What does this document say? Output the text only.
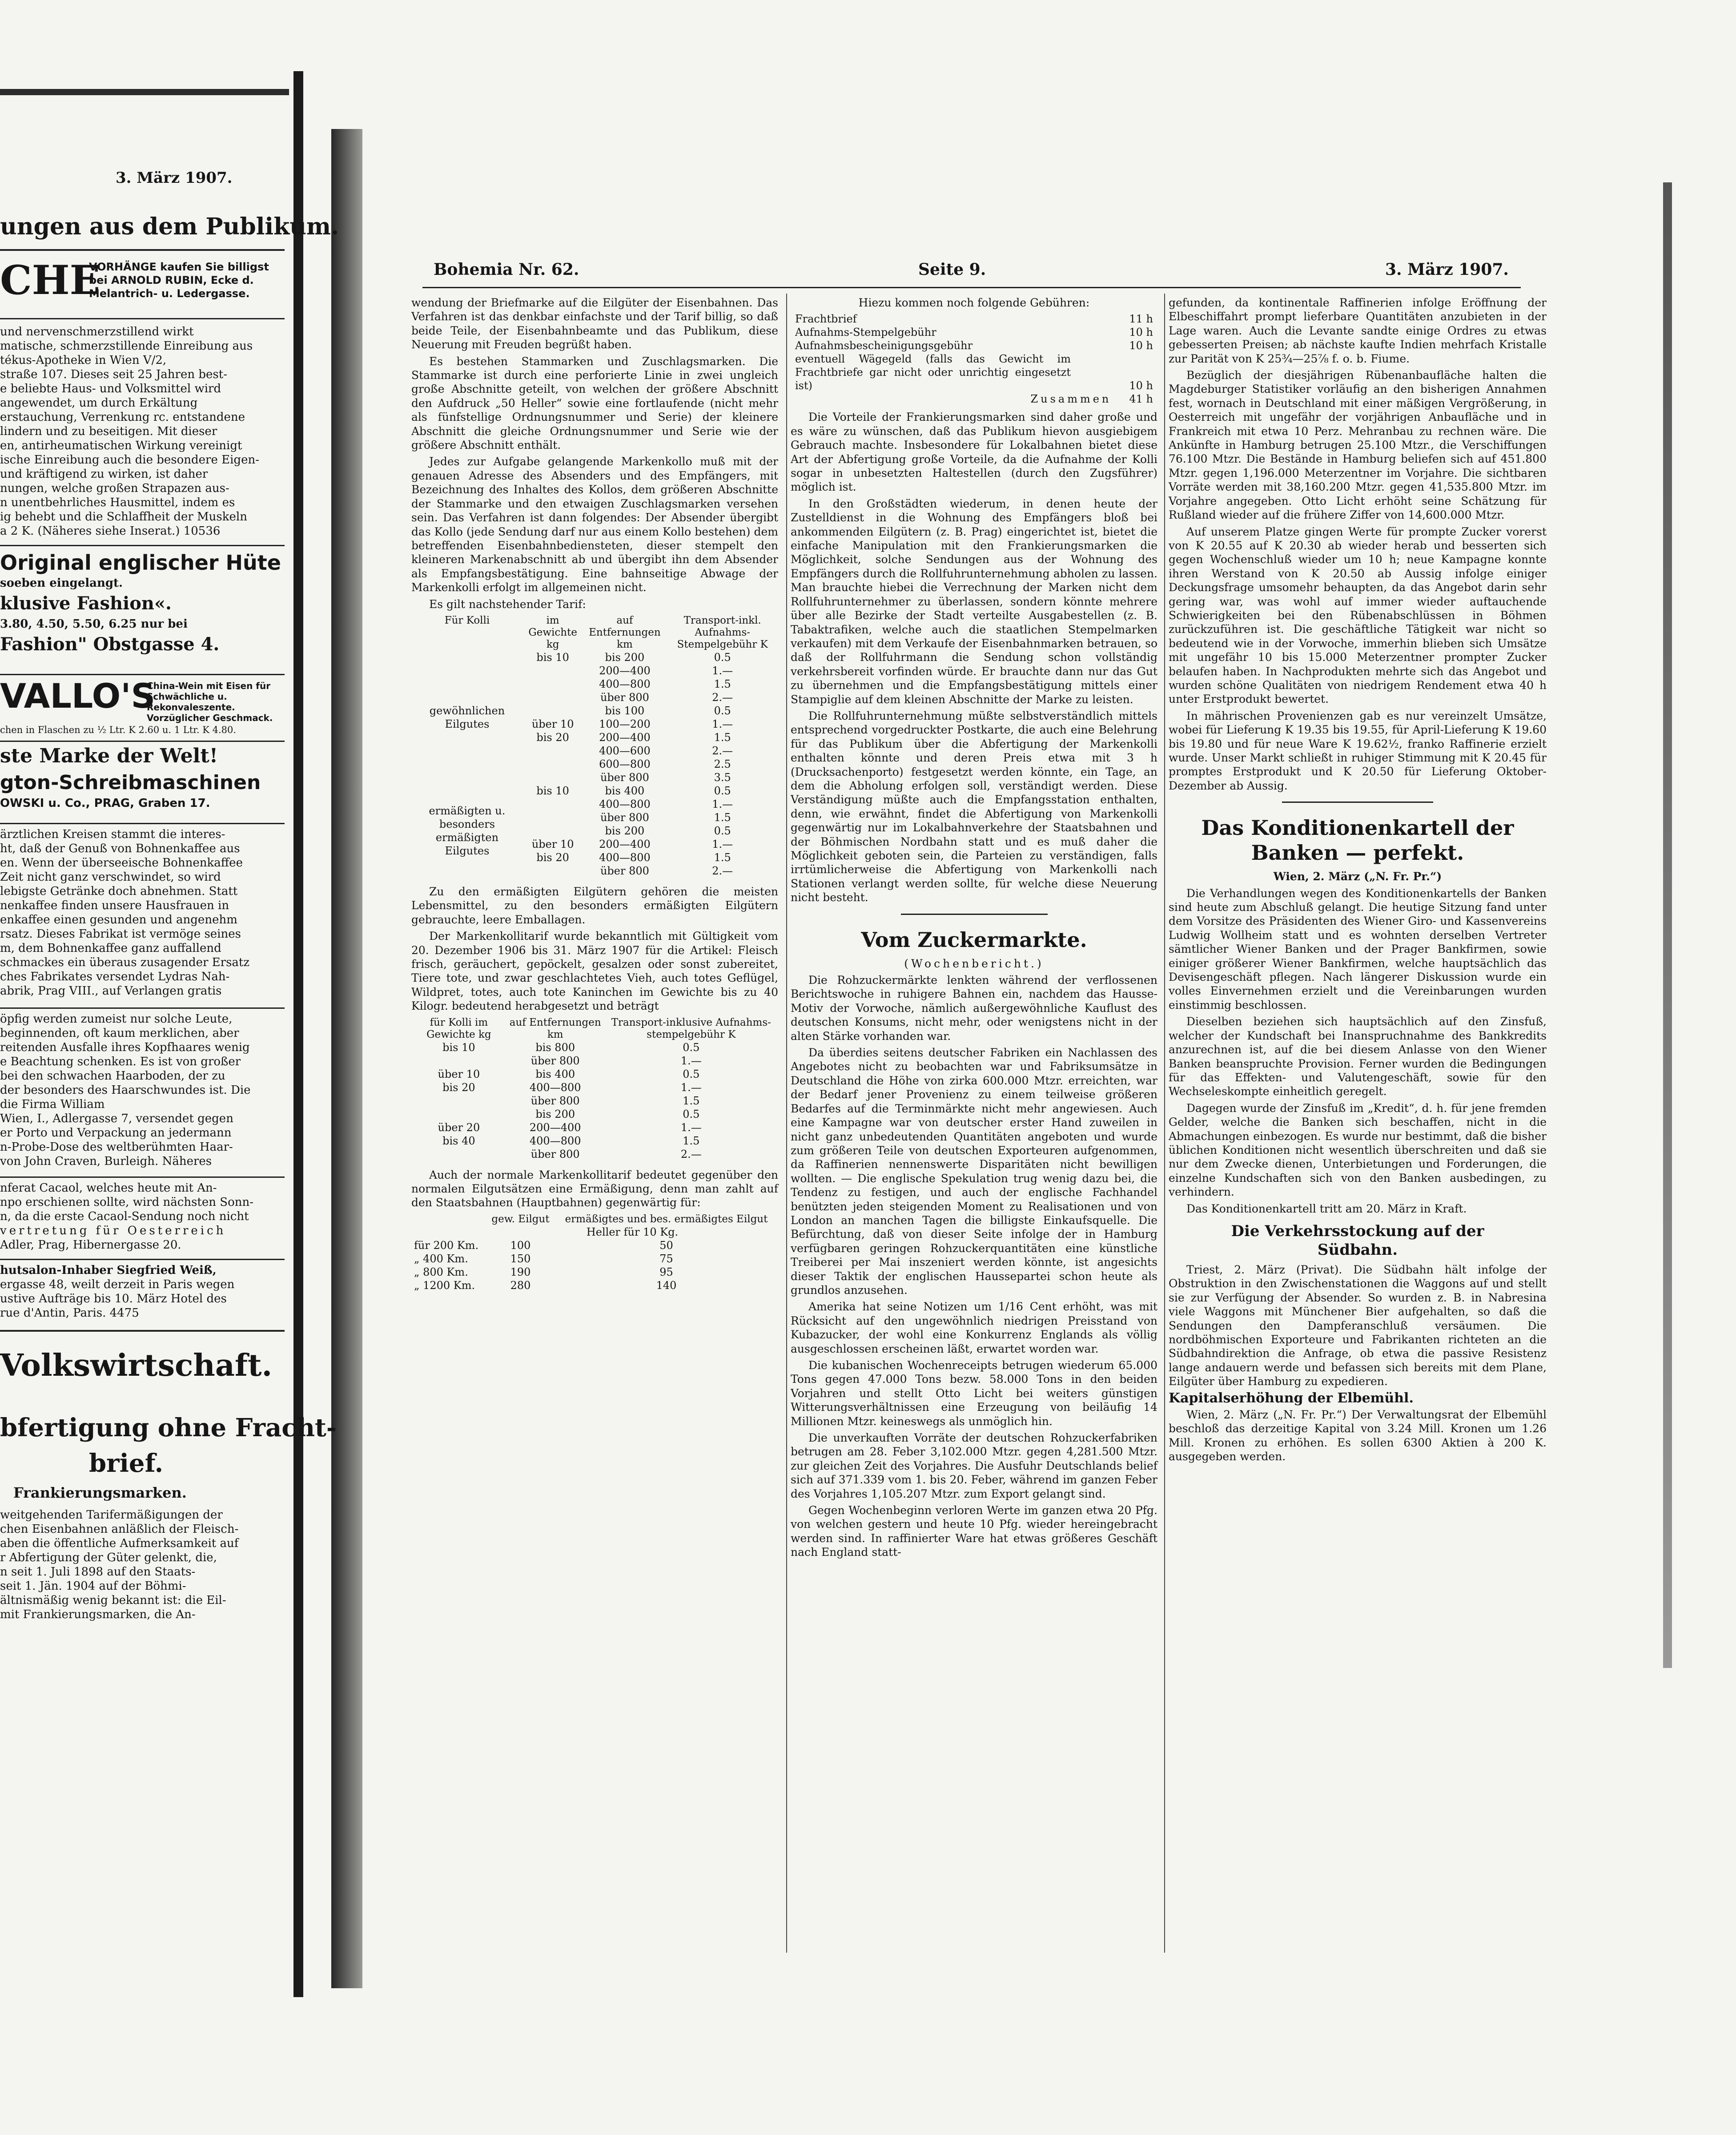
3. März 1907.
ungen aus dem Publikum.
CHE
VORHÄNGE kaufen Sie billigst bei ARNOLD RUBIN, Ecke d. Melantrich- u. Ledergasse.
und nervenschmerzstillend wirkt
matische, schmerzstillende Einreibung aus
tékus-Apotheke in Wien V/2,
straße 107. Dieses seit 25 Jahren best-
e beliebte Haus- und Volksmittel wird
angewendet, um durch Erkältung
erstauchung, Verrenkung rc. entstandene
lindern und zu beseitigen. Mit dieser
en, antirheumatischen Wirkung vereinigt
ische Einreibung auch die besondere Eigen-
und kräftigend zu wirken, ist daher
nungen, welche großen Strapazen aus-
n unentbehrliches Hausmittel, indem es
ig behebt und die Schlaffheit der Muskeln
a 2 K. (Näheres siehe Inserat.) 10536
Original englischer Hüte
soeben eingelangt.
klusive Fashion«.
3.80, 4.50, 5.50, 6.25 nur bei
Fashion" Obstgasse 4.
VALLO'S
China-Wein mit Eisen für Schwächliche u. Rekonvaleszente. Vorzüglicher Geschmack.
chen in Flaschen zu ½ Ltr. K 2.60 u. 1 Ltr. K 4.80.
ste Marke der Welt!
gton-Schreibmaschinen
OWSKI u. Co., PRAG, Graben 17.
ärztlichen Kreisen stammt die interes-
ht, daß der Genuß von Bohnenkaffee aus
en. Wenn der überseeische Bohnenkaffee
Zeit nicht ganz verschwindet, so wird
lebigste Getränke doch abnehmen. Statt
nenkaffee finden unsere Hausfrauen in
enkaffee einen gesunden und angenehm
rsatz. Dieses Fabrikat ist vermöge seines
m, dem Bohnenkaffee ganz auffallend
schmackes ein überaus zusagender Ersatz
ches Fabrikates versendet Lydras Nah-
abrik, Prag VIII., auf Verlangen gratis
öpfig werden zumeist nur solche Leute,
beginnenden, oft kaum merklichen, aber
reitenden Ausfalle ihres Kopfhaares wenig
e Beachtung schenken. Es ist von großer
bei den schwachen Haarboden, der zu
der besonders des Haarschwundes ist. Die
die Firma William
Wien, I., Adlergasse 7, versendet gegen
er Porto und Verpackung an jedermann
n-Probe-Dose des weltberühmten Haar-
von John Craven, Burleigh. Näheres
nferat Cacaol, welches heute mit An-
npo erschienen sollte, wird nächsten Sonn-
n, da die erste Cacaol-Sendung noch nicht
vertretung für Oesterreich
Adler, Prag, Hibernergasse 20.
hutsalon-Inhaber Siegfried Weiß,
ergasse 48, weilt derzeit in Paris wegen
ustive Aufträge bis 10. März Hotel des
rue d'Antin, Paris. 4475
Volkswirtschaft.
bfertigung ohne Fracht-
brief.
Frankierungsmarken.
weitgehenden Tarifermäßigungen der
chen Eisenbahnen anläßlich der Fleisch-
aben die öffentliche Aufmerksamkeit auf
r Abfertigung der Güter gelenkt, die,
n seit 1. Juli 1898 auf den Staats-
seit 1. Jän. 1904 auf der Böhmi-
ältnismäßig wenig bekannt ist: die Eil-
mit Frankierungsmarken, die An-
Bohemia Nr. 62.	Seite 9.	3. März 1907.

wendung der Briefmarke auf die Eilgüter der Eisenbahnen. Das Verfahren ist das denkbar einfachste und der Tarif billig, so daß beide Teile, der Eisenbahnbeamte und das Publikum, diese Neuerung mit Freuden begrüßt haben.

Es bestehen Stammarken und Zuschlagsmarken. Die Stammarke ist durch eine perforierte Linie in zwei ungleich große Abschnitte geteilt, von welchen der größere Abschnitt den Aufdruck „50 Heller“ sowie eine fortlaufende (nicht mehr als fünfstellige Ordnungsnummer und Serie) der kleinere Abschnitt die gleiche Ordnungsnummer und Serie wie der größere Abschnitt enthält.

Jedes zur Aufgabe gelangende Markenkollo muß mit der genauen Adresse des Absenders und des Empfängers, mit Bezeichnung des Inhaltes des Kollos, dem größeren Abschnitte der Stammarke und den etwaigen Zuschlagsmarken versehen sein. Das Verfahren ist dann folgendes: Der Absender übergibt das Kollo (jede Sendung darf nur aus einem Kollo bestehen) dem betreffenden Eisenbahnbediensteten, dieser stempelt den kleineren Markenabschnitt ab und übergibt ihn dem Absender als Empfangsbestätigung. Eine bahnseitige Abwage der Markenkolli erfolgt im allgemeinen nicht.

Es gilt nachstehender Tarif:

Für Kolli	im Gewichte kg	auf Entfernungen km	Transport-inkl. Aufnahms-Stempelgebühr K
gewöhnlichen Eilgutes	bis 10	bis 200	0.5
		200—400	1.—
		400—800	1.5
		über 800	2.—
		bis 100	0.5
	über 10	100—200	1.—
	bis 20	200—400	1.5
		400—600	2.—
		600—800	2.5
		über 800	3.5
ermäßigten u. besonders ermäßigten Eilgutes	bis 10	bis 400	0.5
		400—800	1.—
		über 800	1.5
		bis 200	0.5
	über 10	200—400	1.—
	bis 20	400—800	1.5
		über 800	2.—

Zu den ermäßigten Eilgütern gehören die meisten Lebensmittel, zu den besonders ermäßigten Eilgütern gebrauchte, leere Emballagen.

Der Markenkollitarif wurde bekanntlich mit Gültigkeit vom 20. Dezember 1906 bis 31. März 1907 für die Artikel: Fleisch frisch, geräuchert, gepöckelt, gesalzen oder sonst zubereitet, Tiere tote, und zwar geschlachtetes Vieh, auch totes Geflügel, Wildpret, totes, auch tote Kaninchen im Gewichte bis zu 40 Kilogr. bedeutend herabgesetzt und beträgt

für Kolli im Gewichte kg	auf Entfernungen km	Transport-inklusive Aufnahms-stempelgebühr K
bis 10	bis 800	0.5
	über 800	1.—
über 10	bis 400	0.5
bis 20	400—800	1.—
	über 800	1.5
	bis 200	0.5
über 20	200—400	1.—
bis 40	400—800	1.5
	über 800	2.—

Auch der normale Markenkollitarif bedeutet gegenüber den normalen Eilgutsätzen eine Ermäßigung, denn man zahlt auf den Staatsbahnen (Hauptbahnen) gegenwärtig für:

	gew. Eilgut	ermäßigtes und bes. ermäßigtes Eilgut
	Heller für 10 Kg.	
für 200 Km.	100	50
„ 400 Km.	150	75
„ 800 Km.	190	95
„ 1200 Km.	280	140

Hiezu kommen noch folgende Gebühren:

Frachtbrief	11 h
Aufnahms-Stempelgebühr	10 h
Aufnahmsbescheinigungsgebühr	10 h
eventuell Wägegeld (falls das Gewicht im Frachtbriefe gar nicht oder unrichtig eingesetzt ist)	10 h
Zusammen 41 h

Die Vorteile der Frankierungsmarken sind daher große und es wäre zu wünschen, daß das Publikum hievon ausgiebigem Gebrauch machte. Insbesondere für Lokalbahnen bietet diese Art der Abfertigung große Vorteile, da die Aufnahme der Kolli sogar in unbesetzten Haltestellen (durch den Zugsführer) möglich ist.

In den Großstädten wiederum, in denen heute der Zustelldienst in die Wohnung des Empfängers bloß bei ankommenden Eilgütern (z. B. Prag) eingerichtet ist, bietet die einfache Manipulation mit den Frankierungsmarken die Möglichkeit, solche Sendungen aus der Wohnung des Empfängers durch die Rollfuhrunternehmung abholen zu lassen. Man brauchte hiebei die Verrechnung der Marken nicht dem Rollfuhrunternehmer zu überlassen, sondern könnte mehrere über alle Bezirke der Stadt verteilte Ausgabestellen (z. B. Tabaktrafiken, welche auch die staatlichen Stempelmarken verkaufen) mit dem Verkaufe der Eisenbahnmarken betrauen, so daß der Rollfuhrmann die Sendung schon vollständig verkehrsbereit vorfinden würde. Er brauchte dann nur das Gut zu übernehmen und die Empfangsbestätigung mittels einer Stampiglie auf dem kleinen Abschnitte der Marke zu leisten.

Die Rollfuhrunternehmung müßte selbstverständlich mittels entsprechend vorgedruckter Postkarte, die auch eine Belehrung für das Publikum über die Abfertigung der Markenkolli enthalten könnte und deren Preis etwa mit 3 h (Drucksachenporto) festgesetzt werden könnte, ein Tage, an dem die Abholung erfolgen soll, verständigt werden. Diese Verständigung müßte auch die Empfangsstation enthalten, denn, wie erwähnt, findet die Abfertigung von Markenkolli gegenwärtig nur im Lokalbahnverkehre der Staatsbahnen und der Böhmischen Nordbahn statt und es muß daher die Möglichkeit geboten sein, die Parteien zu verständigen, falls irrtümlicherweise die Abfertigung von Markenkolli nach Stationen verlangt werden sollte, für welche diese Neuerung nicht besteht.

Vom Zuckermarkte.

(Wochenbericht.)

Die Rohzuckermärkte lenkten während der verflossenen Berichtswoche in ruhigere Bahnen ein, nachdem das Hausse-Motiv der Vorwoche, nämlich außergewöhnliche Kauflust des deutschen Konsums, nicht mehr, oder wenigstens nicht in der alten Stärke vorhanden war.

Da überdies seitens deutscher Fabriken ein Nachlassen des Angebotes nicht zu beobachten war und Fabriksumsätze in Deutschland die Höhe von zirka 600.000 Mtzr. erreichten, war der Bedarf jener Provenienz zu einem teilweise größeren Bedarfes auf die Terminmärkte nicht mehr angewiesen. Auch eine Kampagne war von deutscher erster Hand zuweilen in nicht ganz unbedeutenden Quantitäten angeboten und wurde zum größeren Teile von deutschen Exporteuren aufgenommen, da Raffinerien nennenswerte Disparitäten nicht bewilligen wollten. — Die englische Spekulation trug wenig dazu bei, die Tendenz zu festigen, und auch der englische Fachhandel benützten jeden steigenden Moment zu Realisationen und von London an manchen Tagen die billigste Einkaufsquelle. Die Befürchtung, daß von dieser Seite infolge der in Hamburg verfügbaren geringen Rohzuckerquantitäten eine künstliche Treiberei per Mai inszeniert werden könnte, ist angesichts dieser Taktik der englischen Haussepartei schon heute als grundlos anzusehen.

Amerika hat seine Notizen um 1/16 Cent erhöht, was mit Rücksicht auf den ungewöhnlich niedrigen Preisstand von Kubazucker, der wohl eine Konkurrenz Englands als völlig ausgeschlossen erscheinen läßt, erwartet worden war.

Die kubanischen Wochenreceipts betrugen wiederum 65.000 Tons gegen 47.000 Tons bezw. 58.000 Tons in den beiden Vorjahren und stellt Otto Licht bei weiters günstigen Witterungsverhältnissen eine Erzeugung von beiläufig 14 Millionen Mtzr. keineswegs als unmöglich hin.

Die unverkauften Vorräte der deutschen Rohzuckerfabriken betrugen am 28. Feber 3,102.000 Mtzr. gegen 4,281.500 Mtzr. zur gleichen Zeit des Vorjahres. Die Ausfuhr Deutschlands belief sich auf 371.339 vom 1. bis 20. Feber, während im ganzen Feber des Vorjahres 1,105.207 Mtzr. zum Export gelangt sind.

Gegen Wochenbeginn verloren Werte im ganzen etwa 20 Pfg. von welchen gestern und heute 10 Pfg. wieder hereingebracht werden sind. In raffinierter Ware hat etwas größeres Geschäft nach England statt-

gefunden, da kontinentale Raffinerien infolge Eröffnung der Elbeschiffahrt prompt lieferbare Quantitäten anzubieten in der Lage waren. Auch die Levante sandte einige Ordres zu etwas gebesserten Preisen; ab nächste kaufte Indien mehrfach Kristalle zur Parität von K 25¾—25⅞ f. o. b. Fiume.

Bezüglich der diesjährigen Rübenanbaufläche halten die Magdeburger Statistiker vorläufig an den bisherigen Annahmen fest, wornach in Deutschland mit einer mäßigen Vergrößerung, in Oesterreich mit ungefähr der vorjährigen Anbaufläche und in Frankreich mit etwa 10 Perz. Mehranbau zu rechnen wäre. Die Ankünfte in Hamburg betrugen 25.100 Mtzr., die Verschiffungen 76.100 Mtzr. Die Bestände in Hamburg beliefen sich auf 451.800 Mtzr. gegen 1,196.000 Meterzentner im Vorjahre. Die sichtbaren Vorräte werden mit 38,160.200 Mtzr. gegen 41,535.800 Mtzr. im Vorjahre angegeben. Otto Licht erhöht seine Schätzung für Rußland wieder auf die frühere Ziffer von 14,600.000 Mtzr.

Auf unserem Platze gingen Werte für prompte Zucker vorerst von K 20.55 auf K 20.30 ab wieder herab und besserten sich gegen Wochenschluß wieder um 10 h; neue Kampagne konnte ihren Werstand von K 20.50 ab Aussig infolge einiger Deckungsfrage umsomehr behaupten, da das Angebot darin sehr gering war, was wohl auf immer wieder auftauchende Schwierigkeiten bei den Rübenabschlüssen in Böhmen zurückzuführen ist. Die geschäftliche Tätigkeit war nicht so bedeutend wie in der Vorwoche, immerhin blieben sich Umsätze mit ungefähr 10 bis 15.000 Meterzentner prompter Zucker belaufen haben. In Nachprodukten mehrte sich das Angebot und wurden schöne Qualitäten von niedrigem Rendement etwa 40 h unter Erstprodukt bewertet.

In mährischen Provenienzen gab es nur vereinzelt Umsätze, wobei für Lieferung K 19.35 bis 19.55, für April-Lieferung K 19.60 bis 19.80 und für neue Ware K 19.62½, franko Raffinerie erzielt wurde. Unser Markt schließt in ruhiger Stimmung mit K 20.45 für promptes Erstprodukt und K 20.50 für Lieferung Oktober-Dezember ab Aussig.

Das Konditionenkartell der
Banken — perfekt.

Wien, 2. März („N. Fr. Pr.“)

Die Verhandlungen wegen des Konditionenkartells der Banken sind heute zum Abschluß gelangt. Die heutige Sitzung fand unter dem Vorsitze des Präsidenten des Wiener Giro- und Kassenvereins Ludwig Wollheim statt und es wohnten derselben Vertreter sämtlicher Wiener Banken und der Prager Bankfirmen, sowie einiger größerer Wiener Bankfirmen, welche hauptsächlich das Devisengeschäft pflegen. Nach längerer Diskussion wurde ein volles Einvernehmen erzielt und die Vereinbarungen wurden einstimmig beschlossen.

Dieselben beziehen sich hauptsächlich auf den Zinsfuß, welcher der Kundschaft bei Inanspruchnahme des Bankkredits anzurechnen ist, auf die bei diesem Anlasse von den Wiener Banken beanspruchte Provision. Ferner wurden die Bedingungen für das Effekten- und Valutengeschäft, sowie für den Wechseleskompte einheitlich geregelt.

Dagegen wurde der Zinsfuß im „Kredit“, d. h. für jene fremden Gelder, welche die Banken sich beschaffen, nicht in die Abmachungen einbezogen. Es wurde nur bestimmt, daß die bisher üblichen Konditionen nicht wesentlich überschreiten und daß sie nur dem Zwecke dienen, Unterbietungen und Forderungen, die einzelne Kundschaften sich von den Banken ausbedingen, zu verhindern.

Das Konditionenkartell tritt am 20. März in Kraft.

Die Verkehrsstockung auf der
Südbahn.

Triest, 2. März (Privat). Die Südbahn hält infolge der Obstruktion in den Zwischenstationen die Waggons auf und stellt sie zur Verfügung der Absender. So wurden z. B. in Nabresina viele Waggons mit Münchener Bier aufgehalten, so daß die Sendungen den Dampferanschluß versäumen. Die nordböhmischen Exporteure und Fabrikanten richteten an die Südbahndirektion die Anfrage, ob etwa die passive Resistenz lange andauern werde und befassen sich bereits mit dem Plane, Eilgüter über Hamburg zu expedieren.

Kapitalserhöhung der Elbemühl.

Wien, 2. März („N. Fr. Pr.“) Der Verwaltungsrat der Elbemühl beschloß das derzeitige Kapital von 3.24 Mill. Kronen um 1.26 Mill. Kronen zu erhöhen. Es sollen 6300 Aktien à 200 K. ausgegeben werden.
